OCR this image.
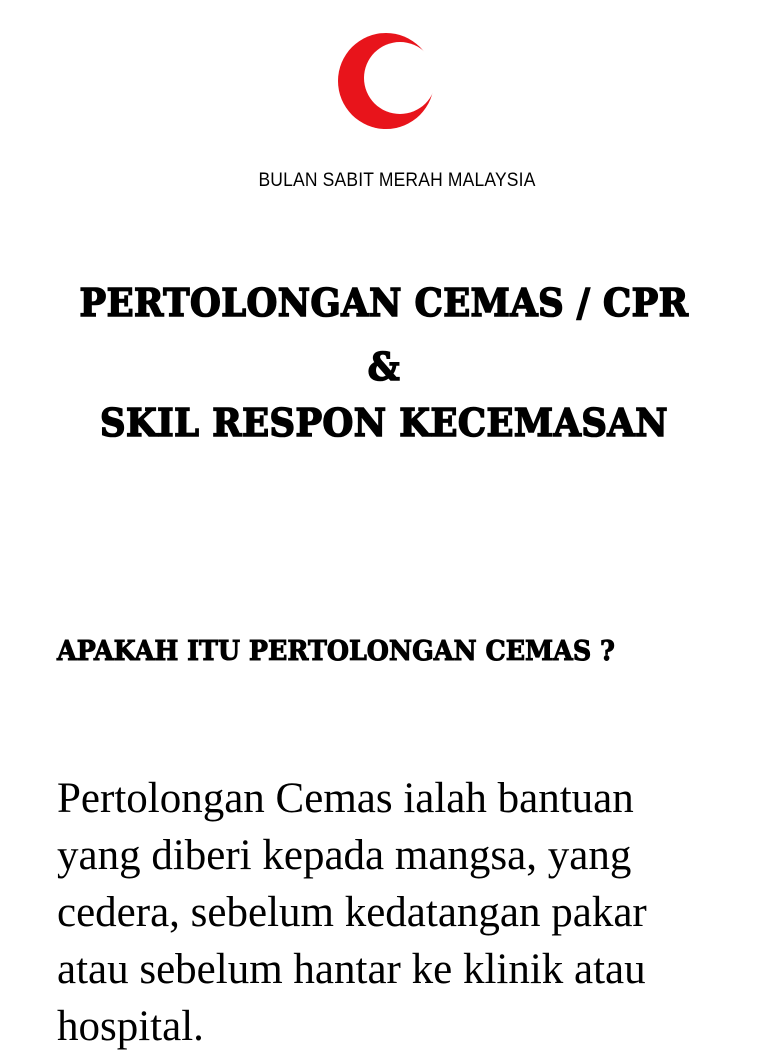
BULAN SABIT MERAH MALAYSIA
PERTOLONGAN CEMAS / CPR
&
SKIL RESPON KECEMASAN
APAKAH ITU PERTOLONGAN CEMAS ?

Pertolongan Cemas ialah bantuan
yang diberi kepada mangsa, yang
cedera, sebelum kedatangan pakar
atau sebelum hantar ke klinik atau
hospital.
